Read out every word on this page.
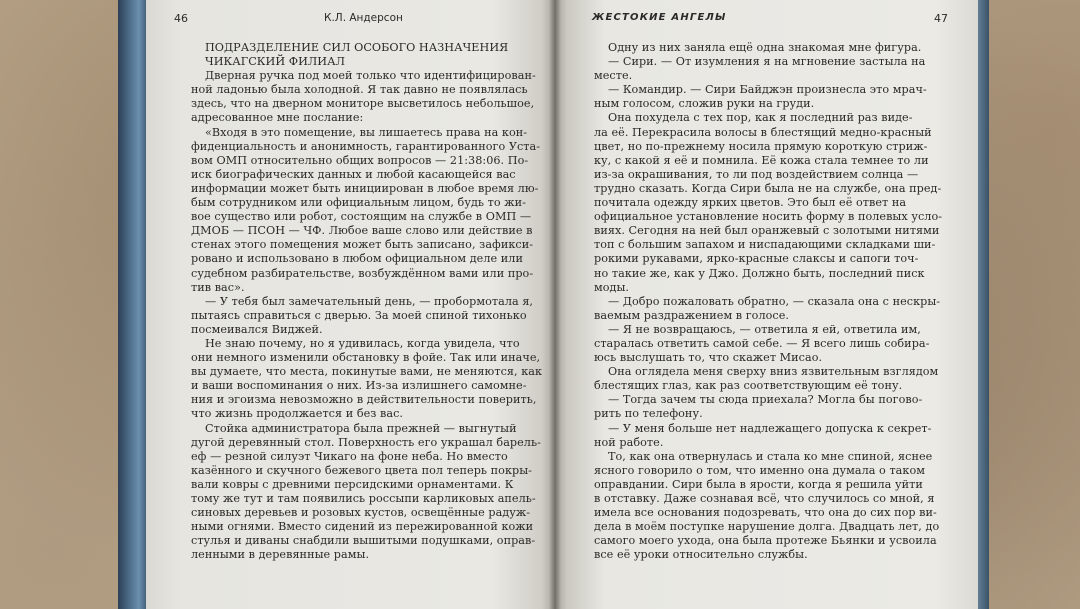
46	К.Л. Андерсон
ПОДРАЗДЕЛЕНИЕ СИЛ ОСОБОГО НАЗНАЧЕНИЯ
ЧИКАГСКИЙ ФИЛИАЛ
Дверная ручка под моей только что идентифицирован-
ной ладонью была холодной. Я так давно не появлялась
здесь, что на дверном мониторе высветилось небольшое,
адресованное мне послание:
«Входя в это помещение, вы лишаетесь права на кон-
фиденциальность и анонимность, гарантированного Уста-
вом ОМП относительно общих вопросов — 21:38:06. По-
иск биографических данных и любой касающейся вас
информации может быть инициирован в любое время лю-
бым сотрудником или официальным лицом, будь то жи-
вое существо или робот, состоящим на службе в ОМП —
ДМОБ — ПСОН — ЧФ. Любое ваше слово или действие в
стенах этого помещения может быть записано, зафикси-
ровано и использовано в любом официальном деле или
судебном разбирательстве, возбуждённом вами или про-
тив вас».
— У тебя был замечательный день, — пробормотала я,
пытаясь справиться с дверью. За моей спиной тихонько
посмеивался Виджей.
Не знаю почему, но я удивилась, когда увидела, что
они немного изменили обстановку в фойе. Так или иначе,
вы думаете, что места, покинутые вами, не меняются, как
и ваши воспоминания о них. Из-за излишнего самомне-
ния и эгоизма невозможно в действительности поверить,
что жизнь продолжается и без вас.
Стойка администратора была прежней — выгнутый
дугой деревянный стол. Поверхность его украшал барель-
еф — резной силуэт Чикаго на фоне неба. Но вместо
казённого и скучного бежевого цвета пол теперь покры-
вали ковры с древними персидскими орнаментами. К
тому же тут и там появились россыпи карликовых апель-
синовых деревьев и розовых кустов, освещённые радуж-
ными огнями. Вместо сидений из пережированной кожи
стулья и диваны снабдили вышитыми подушками, оправ-
ленными в деревянные рамы.
ЖЕСТОКИЕ АНГЕЛЫ	47
Одну из них заняла ещё одна знакомая мне фигура.
— Сири. — От изумления я на мгновение застыла на
месте.
— Командир. — Сири Байджэн произнесла это мрач-
ным голосом, сложив руки на груди.
Она похудела с тех пор, как я последний раз виде-
ла её. Перекрасила волосы в блестящий медно-красный
цвет, но по-прежнему носила прямую короткую стриж-
ку, с какой я её и помнила. Её кожа стала темнее то ли
из-за окрашивания, то ли под воздействием солнца —
трудно сказать. Когда Сири была не на службе, она пред-
почитала одежду ярких цветов. Это был её ответ на
официальное установление носить форму в полевых усло-
виях. Сегодня на ней был оранжевый с золотыми нитями
топ с большим запахом и ниспадающими складками ши-
рокими рукавами, ярко-красные слаксы и сапоги точ-
но такие же, как у Джо. Должно быть, последний писк
моды.
— Добро пожаловать обратно, — сказала она с нескры-
ваемым раздражением в голосе.
— Я не возвращаюсь, — ответила я ей, ответила им,
старалась ответить самой себе. — Я всего лишь собира-
юсь выслушать то, что скажет Мисао.
Она оглядела меня сверху вниз язвительным взглядом
блестящих глаз, как раз соответствующим её тону.
— Тогда зачем ты сюда приехала? Могла бы погово-
рить по телефону.
— У меня больше нет надлежащего допуска к секрет-
ной работе.
То, как она отвернулась и стала ко мне спиной, яснее
ясного говорило о том, что именно она думала о таком
оправдании. Сири была в ярости, когда я решила уйти
в отставку. Даже сознавая всё, что случилось со мной, я
имела все основания подозревать, что она до сих пор ви-
дела в моём поступке нарушение долга. Двадцать лет, до
самого моего ухода, она была протеже Бьянки и усвоила
все её уроки относительно службы.
